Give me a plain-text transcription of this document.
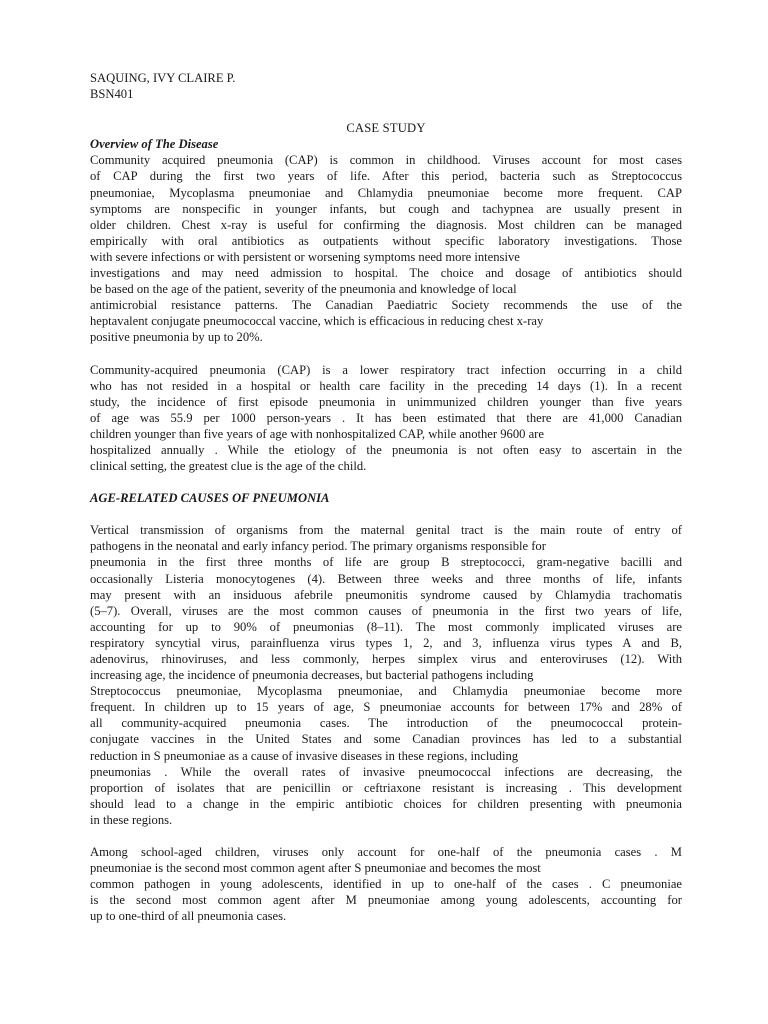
SAQUING, IVY CLAIRE P.
BSN401
CASE STUDY
Overview of The Disease
Community acquired pneumonia (CAP) is common in childhood. Viruses account for most cases
of CAP during the first two years of life. After this period, bacteria such as Streptococcus
pneumoniae, Mycoplasma pneumoniae and Chlamydia pneumoniae become more frequent. CAP
symptoms are nonspecific in younger infants, but cough and tachypnea are usually present in
older children. Chest x-ray is useful for confirming the diagnosis. Most children can be managed
empirically with oral antibiotics as outpatients without specific laboratory investigations. Those
with severe infections or with persistent or worsening symptoms need more intensive
investigations and may need admission to hospital. The choice and dosage of antibiotics should
be based on the age of the patient, severity of the pneumonia and knowledge of local
antimicrobial resistance patterns. The Canadian Paediatric Society recommends the use of the
heptavalent conjugate pneumococcal vaccine, which is efficacious in reducing chest x-ray
positive pneumonia by up to 20%.
Community-acquired pneumonia (CAP) is a lower respiratory tract infection occurring in a child
who has not resided in a hospital or health care facility in the preceding 14 days (1). In a recent
study, the incidence of first episode pneumonia in unimmunized children younger than five years
of age was 55.9 per 1000 person-years . It has been estimated that there are 41,000 Canadian
children younger than five years of age with nonhospitalized CAP, while another 9600 are
hospitalized annually . While the etiology of the pneumonia is not often easy to ascertain in the
clinical setting, the greatest clue is the age of the child.
AGE-RELATED CAUSES OF PNEUMONIA
Vertical transmission of organisms from the maternal genital tract is the main route of entry of
pathogens in the neonatal and early infancy period. The primary organisms responsible for
pneumonia in the first three months of life are group B streptococci, gram-negative bacilli and
occasionally Listeria monocytogenes (4). Between three weeks and three months of life, infants
may present with an insiduous afebrile pneumonitis syndrome caused by Chlamydia trachomatis
(5–7). Overall, viruses are the most common causes of pneumonia in the first two years of life,
accounting for up to 90% of pneumonias (8–11). The most commonly implicated viruses are
respiratory syncytial virus, parainfluenza virus types 1, 2, and 3, influenza virus types A and B,
adenovirus, rhinoviruses, and less commonly, herpes simplex virus and enteroviruses (12). With
increasing age, the incidence of pneumonia decreases, but bacterial pathogens including
Streptococcus pneumoniae, Mycoplasma pneumoniae, and Chlamydia pneumoniae become more
frequent. In children up to 15 years of age, S pneumoniae accounts for between 17% and 28% of
all community-acquired pneumonia cases. The introduction of the pneumococcal protein-
conjugate vaccines in the United States and some Canadian provinces has led to a substantial
reduction in S pneumoniae as a cause of invasive diseases in these regions, including
pneumonias . While the overall rates of invasive pneumococcal infections are decreasing, the
proportion of isolates that are penicillin or ceftriaxone resistant is increasing . This development
should lead to a change in the empiric antibiotic choices for children presenting with pneumonia
in these regions.
Among school-aged children, viruses only account for one-half of the pneumonia cases . M
pneumoniae is the second most common agent after S pneumoniae and becomes the most
common pathogen in young adolescents, identified in up to one-half of the cases . C pneumoniae
is the second most common agent after M pneumoniae among young adolescents, accounting for
up to one-third of all pneumonia cases.
